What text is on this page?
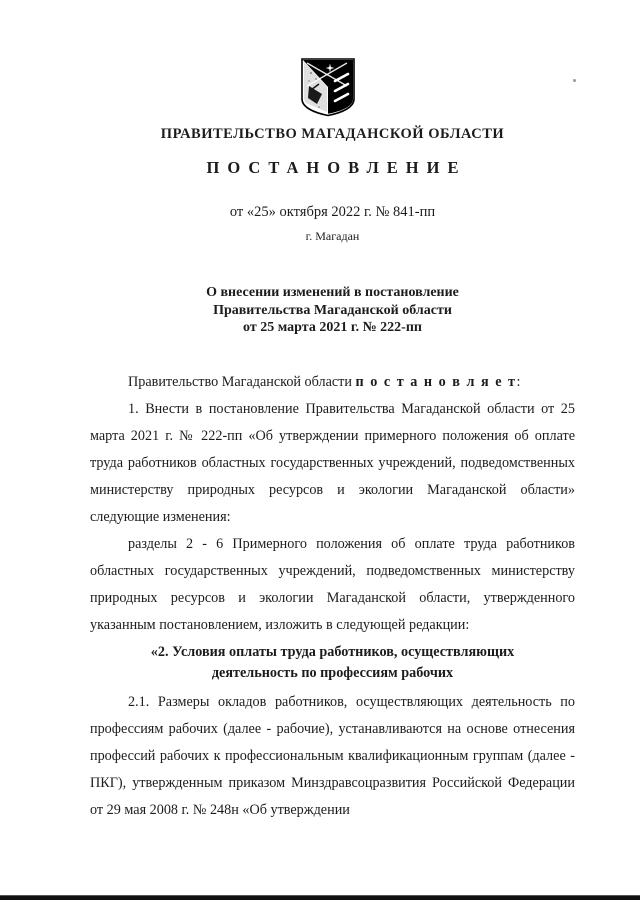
ПРАВИТЕЛЬСТВО МАГАДАНСКОЙ ОБЛАСТИ
ПОСТАНОВЛЕНИЕ
от «25» октября 2022 г. № 841-пп
г. Магадан
О внесении изменений в постановление
Правительства Магаданской области
от 25 марта 2021 г. № 222-пп

Правительство Магаданской области п о с т а н о в л я е т:

1. Внести в постановление Правительства Магаданской области от 25 марта 2021 г. № 222-пп «Об утверждении примерного положения об оплате труда работников областных государственных учреждений, подведомственных министерству природных ресурсов и экологии Магаданской области» следующие изменения:

разделы 2 - 6 Примерного положения об оплате труда работников областных государственных учреждений, подведомственных министерству природных ресурсов и экологии Магаданской области, утвержденного указанным постановлением, изложить в следующей редакции:

«2. Условия оплаты труда работников, осуществляющих
деятельность по профессиям рабочих

2.1. Размеры окладов работников, осуществляющих деятельность по профессиям рабочих (далее - рабочие), устанавливаются на основе отнесения профессий рабочих к профессиональным квалификационным группам (далее - ПКГ), утвержденным приказом Минздравсоцразвития Российской Федерации от 29 мая 2008 г. № 248н «Об утверждении
